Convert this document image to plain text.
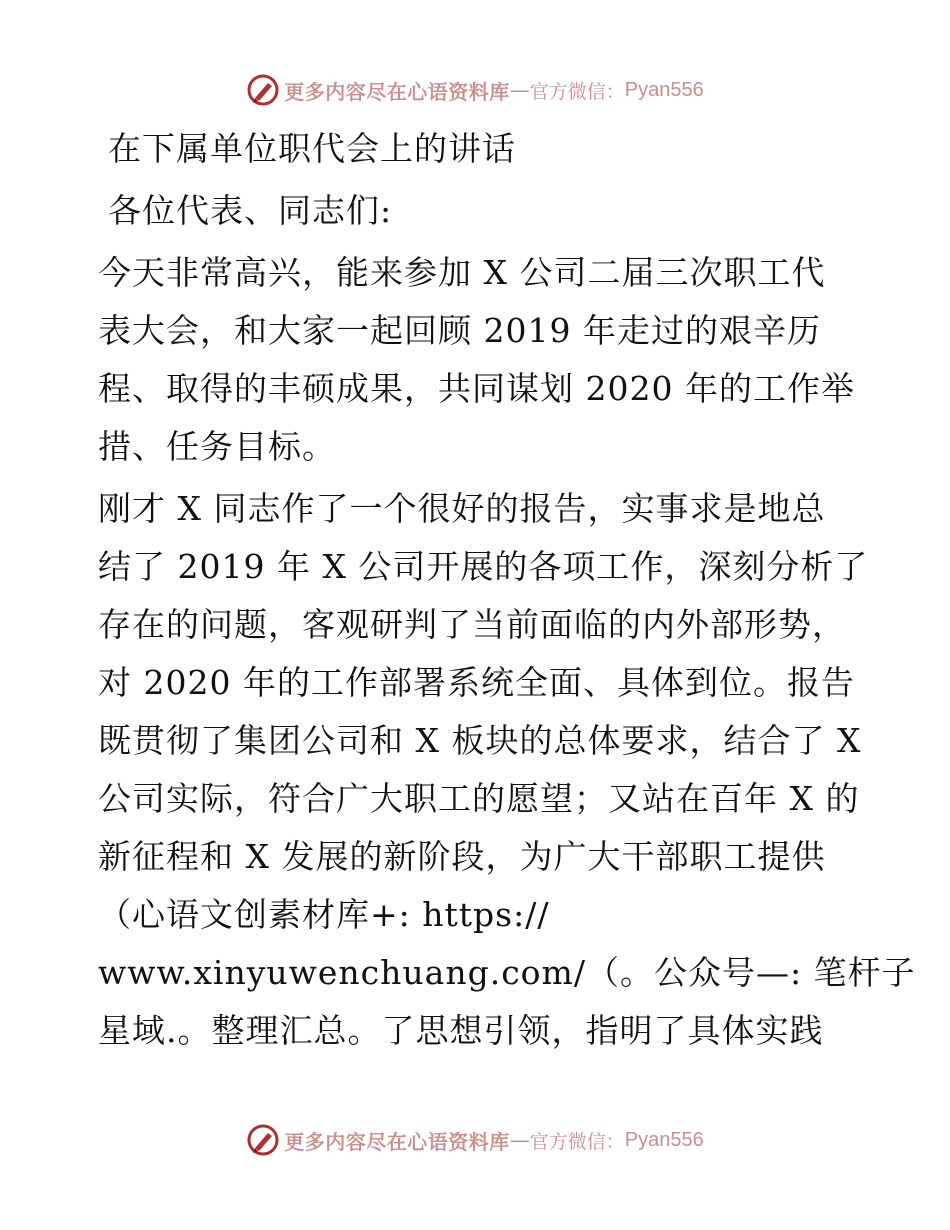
更多内容尽在心语资料库 — 官方微信： Pyan556
在下属单位职代会上的讲话
各位代表、同志们:
今天非常高兴，能来参加 X 公司二届三次职工代
表大会，和大家一起回顾 2019 年走过的艰辛历
程、取得的丰硕成果，共同谋划 2020 年的工作举
措、任务目标。
刚才 X 同志作了一个很好的报告，实事求是地总
结了 2019 年 X 公司开展的各项工作，深刻分析了
存在的问题，客观研判了当前面临的内外部形势，
对 2020 年的工作部署系统全面、具体到位。报告
既贯彻了集团公司和 X 板块的总体要求，结合了 X
公司实际，符合广大职工的愿望；又站在百年 X 的
新征程和 X 发展的新阶段，为广大干部职工提供
（心语文创素材库+: https://
www.xinyuwenchuang.com/（。公众号—: 笔杆子
星域.。整理汇总。了思想引领，指明了具体实践
更多内容尽在心语资料库 — 官方微信： Pyan556
